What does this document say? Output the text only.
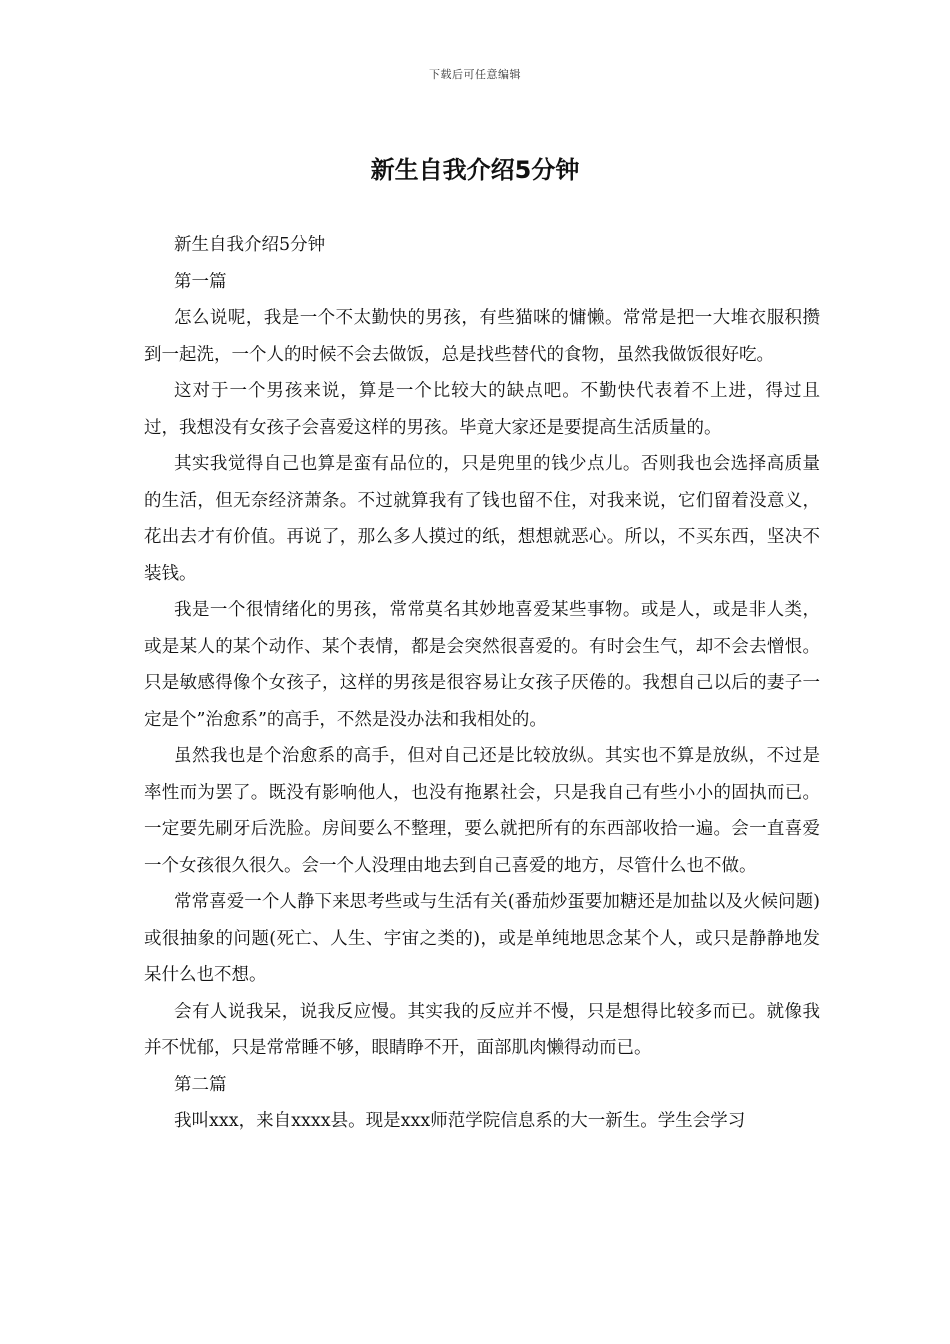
下载后可任意编辑
新生自我介绍5分钟

新生自我介绍5分钟

第一篇

怎么说呢，我是一个不太勤快的男孩，有些猫咪的慵懒。常常是把一大堆衣服积攒到一起洗，一个人的时候不会去做饭，总是找些替代的食物，虽然我做饭很好吃。

这对于一个男孩来说，算是一个比较大的缺点吧。不勤快代表着不上进，得过且过，我想没有女孩子会喜爱这样的男孩。毕竟大家还是要提高生活质量的。

其实我觉得自己也算是蛮有品位的，只是兜里的钱少点儿。否则我也会选择高质量的生活，但无奈经济萧条。不过就算我有了钱也留不住，对我来说，它们留着没意义，花出去才有价值。再说了，那么多人摸过的纸，想想就恶心。所以，不买东西，坚决不装钱。

我是一个很情绪化的男孩，常常莫名其妙地喜爱某些事物。或是人，或是非人类，或是某人的某个动作、某个表情，都是会突然很喜爱的。有时会生气，却不会去憎恨。只是敏感得像个女孩子，这样的男孩是很容易让女孩子厌倦的。我想自己以后的妻子一定是个”治愈系”的高手，不然是没办法和我相处的。

虽然我也是个治愈系的高手，但对自己还是比较放纵。其实也不算是放纵，不过是率性而为罢了。既没有影响他人，也没有拖累社会，只是我自己有些小小的固执而已。一定要先刷牙后洗脸。房间要么不整理，要么就把所有的东西部收拾一遍。会一直喜爱一个女孩很久很久。会一个人没理由地去到自己喜爱的地方，尽管什么也不做。

常常喜爱一个人静下来思考些或与生活有关(番茄炒蛋要加糖还是加盐以及火候问题)或很抽象的问题(死亡、人生、宇宙之类的)，或是单纯地思念某个人，或只是静静地发呆什么也不想。

会有人说我呆，说我反应慢。其实我的反应并不慢，只是想得比较多而已。就像我并不忧郁，只是常常睡不够，眼睛睁不开，面部肌肉懒得动而已。

第二篇

我叫xxx，来自xxxx县。现是xxx师范学院信息系的大一新生。学生会学习
